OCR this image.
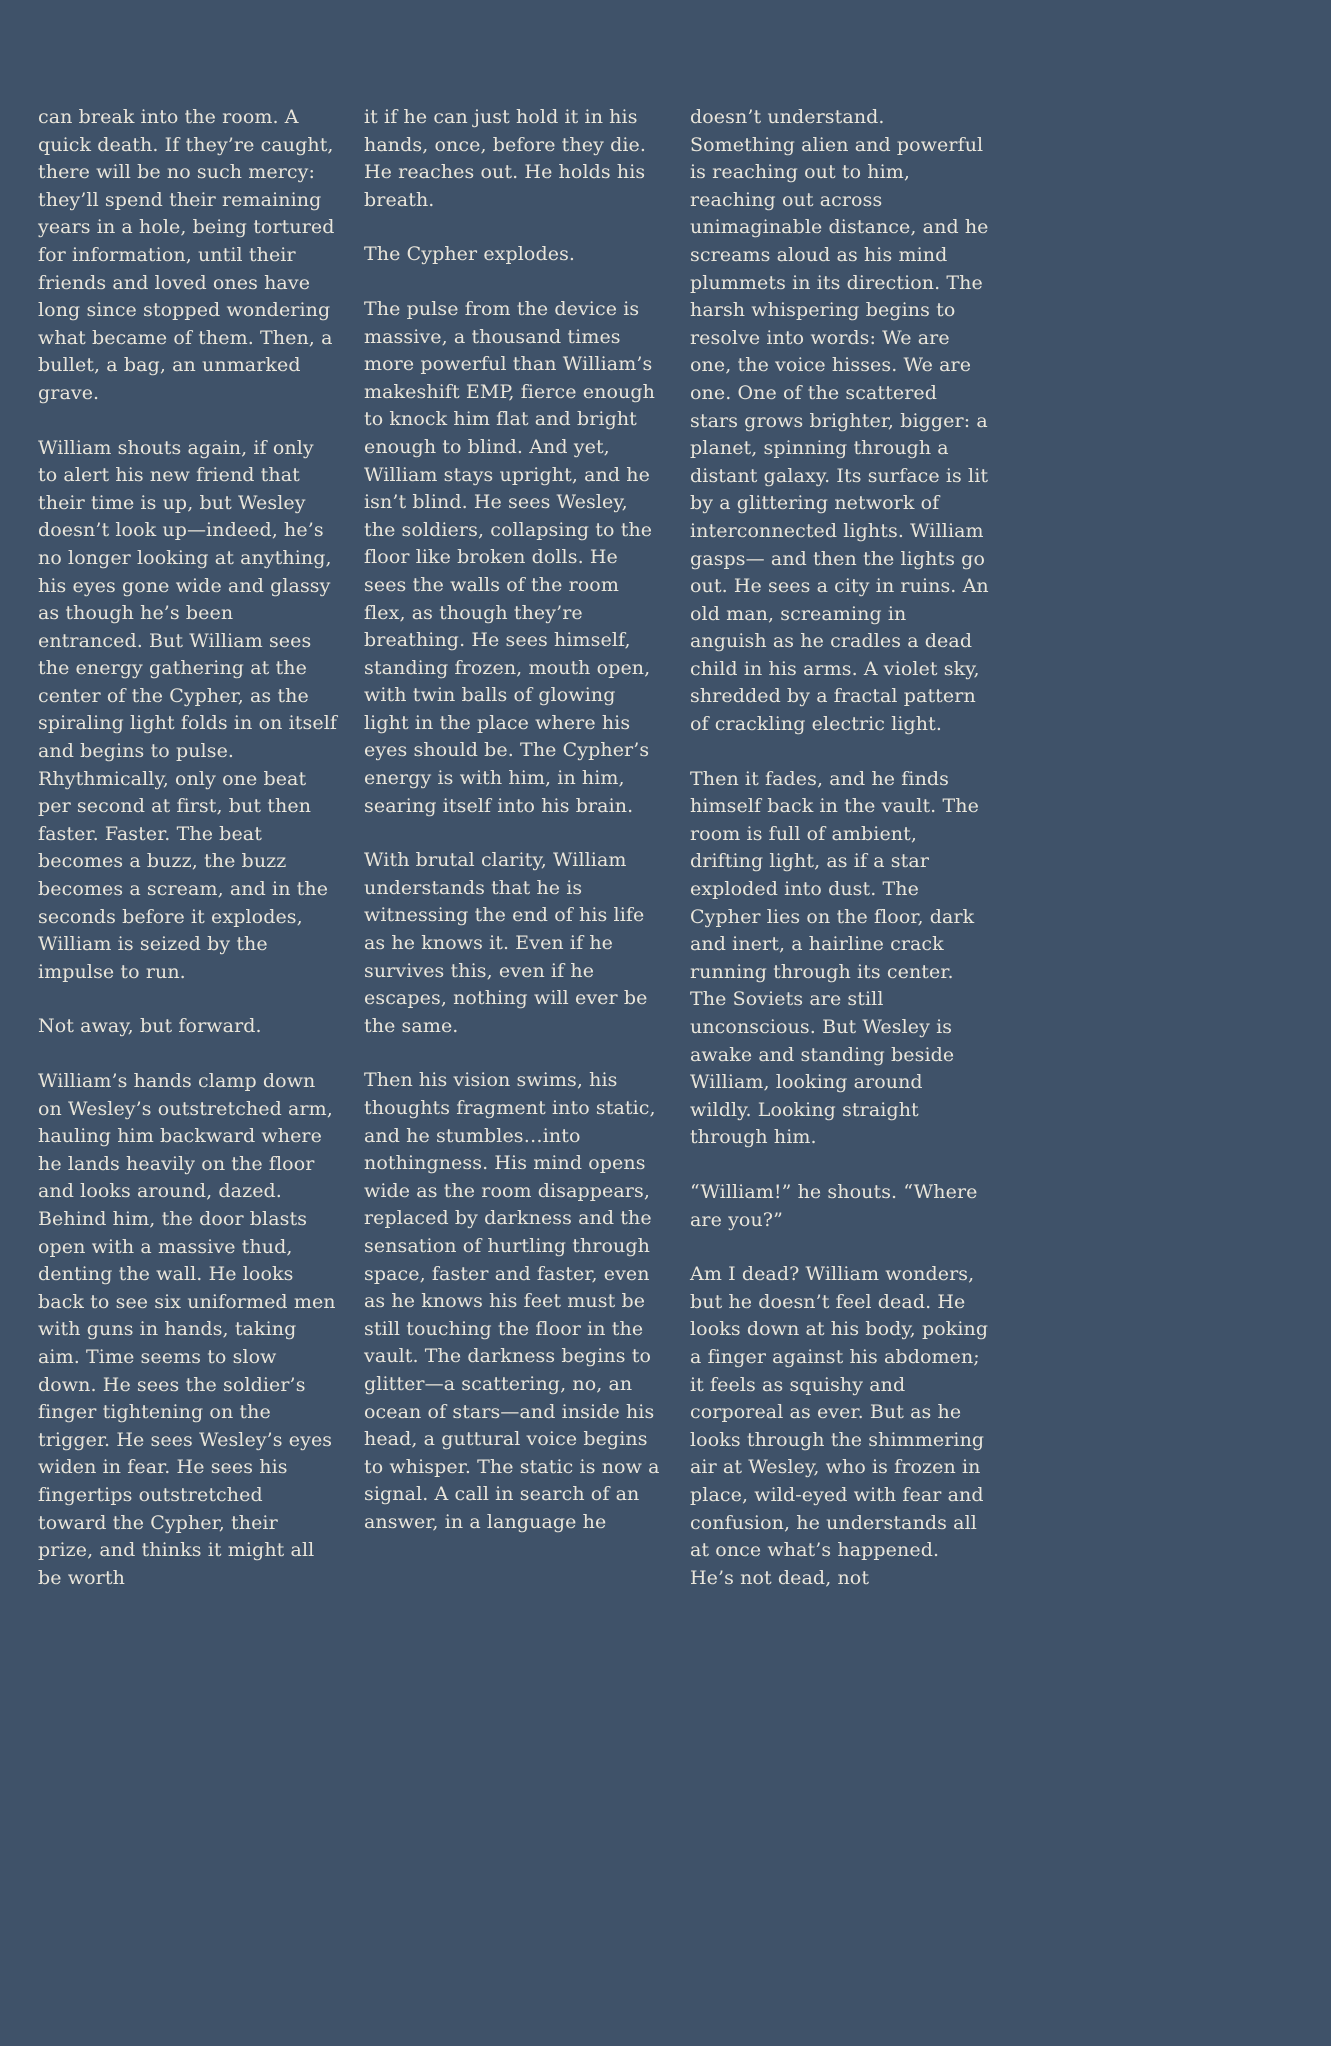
can break into the room. A quick death. If they’re caught, there will be no such mercy: they’ll spend their remaining years in a hole, being tortured for information, until their friends and loved ones have long since stopped wondering what became of them. Then, a bullet, a bag, an unmarked grave.

William shouts again, if only to alert his new friend that their time is up, but Wesley doesn’t look up—indeed, he’s no longer looking at anything, his eyes gone wide and glassy as though he’s been entranced. But William sees the energy gathering at the center of the Cypher, as the spiraling light folds in on itself and begins to pulse. Rhythmically, only one beat per second at first, but then faster. Faster. The beat becomes a buzz, the buzz becomes a scream, and in the seconds before it explodes, William is seized by the impulse to run.

Not away, but forward.

William’s hands clamp down on Wesley’s outstretched arm, hauling him backward where he lands heavily on the floor and looks around, dazed. Behind him, the door blasts open with a massive thud, denting the wall. He looks back to see six uniformed men with guns in hands, taking aim. Time seems to slow down. He sees the soldier’s finger tightening on the trigger. He sees Wesley’s eyes widen in fear. He sees his fingertips outstretched toward the Cypher, their prize, and thinks it might all be worth

it if he can just hold it in his hands, once, before they die. He reaches out. He holds his breath.

The Cypher explodes.

The pulse from the device is massive, a thousand times more powerful than William’s makeshift EMP, fierce enough to knock him flat and bright enough to blind. And yet, William stays upright, and he isn’t blind. He sees Wesley, the soldiers, collapsing to the floor like broken dolls. He sees the walls of the room flex, as though they’re breathing. He sees himself, standing frozen, mouth open, with twin balls of glowing light in the place where his eyes should be. The Cypher’s energy is with him, in him, searing itself into his brain.

With brutal clarity, William understands that he is witnessing the end of his life as he knows it. Even if he survives this, even if he escapes, nothing will ever be the same.

Then his vision swims, his thoughts fragment into static, and he stumbles…into nothingness. His mind opens wide as the room disappears, replaced by darkness and the sensation of hurtling through space, faster and faster, even as he knows his feet must be still touching the floor in the vault. The darkness begins to glitter—a scattering, no, an ocean of stars—and inside his head, a guttural voice begins to whisper. The static is now a signal. A call in search of an answer, in a language he

doesn’t understand. Something alien and powerful is reaching out to him, reaching out across unimaginable distance, and he screams aloud as his mind plummets in its direction. The harsh whispering begins to resolve into words: We are one, the voice hisses. We are one. One of the scattered stars grows brighter, bigger: a planet, spinning through a distant galaxy. Its surface is lit by a glittering network of interconnected lights. William gasps— and then the lights go out. He sees a city in ruins. An old man, screaming in anguish as he cradles a dead child in his arms. A violet sky, shredded by a fractal pattern of crackling electric light.

Then it fades, and he finds himself back in the vault. The room is full of ambient, drifting light, as if a star exploded into dust. The Cypher lies on the floor, dark and inert, a hairline crack running through its center. The Soviets are still unconscious. But Wesley is awake and standing beside William, looking around wildly. Looking straight through him.

“William!” he shouts. “Where are you?”

Am I dead? William wonders, but he doesn’t feel dead. He looks down at his body, poking a finger against his abdomen; it feels as squishy and corporeal as ever. But as he looks through the shimmering air at Wesley, who is frozen in place, wild-eyed with fear and confusion, he understands all at once what’s happened. He’s not dead, not
